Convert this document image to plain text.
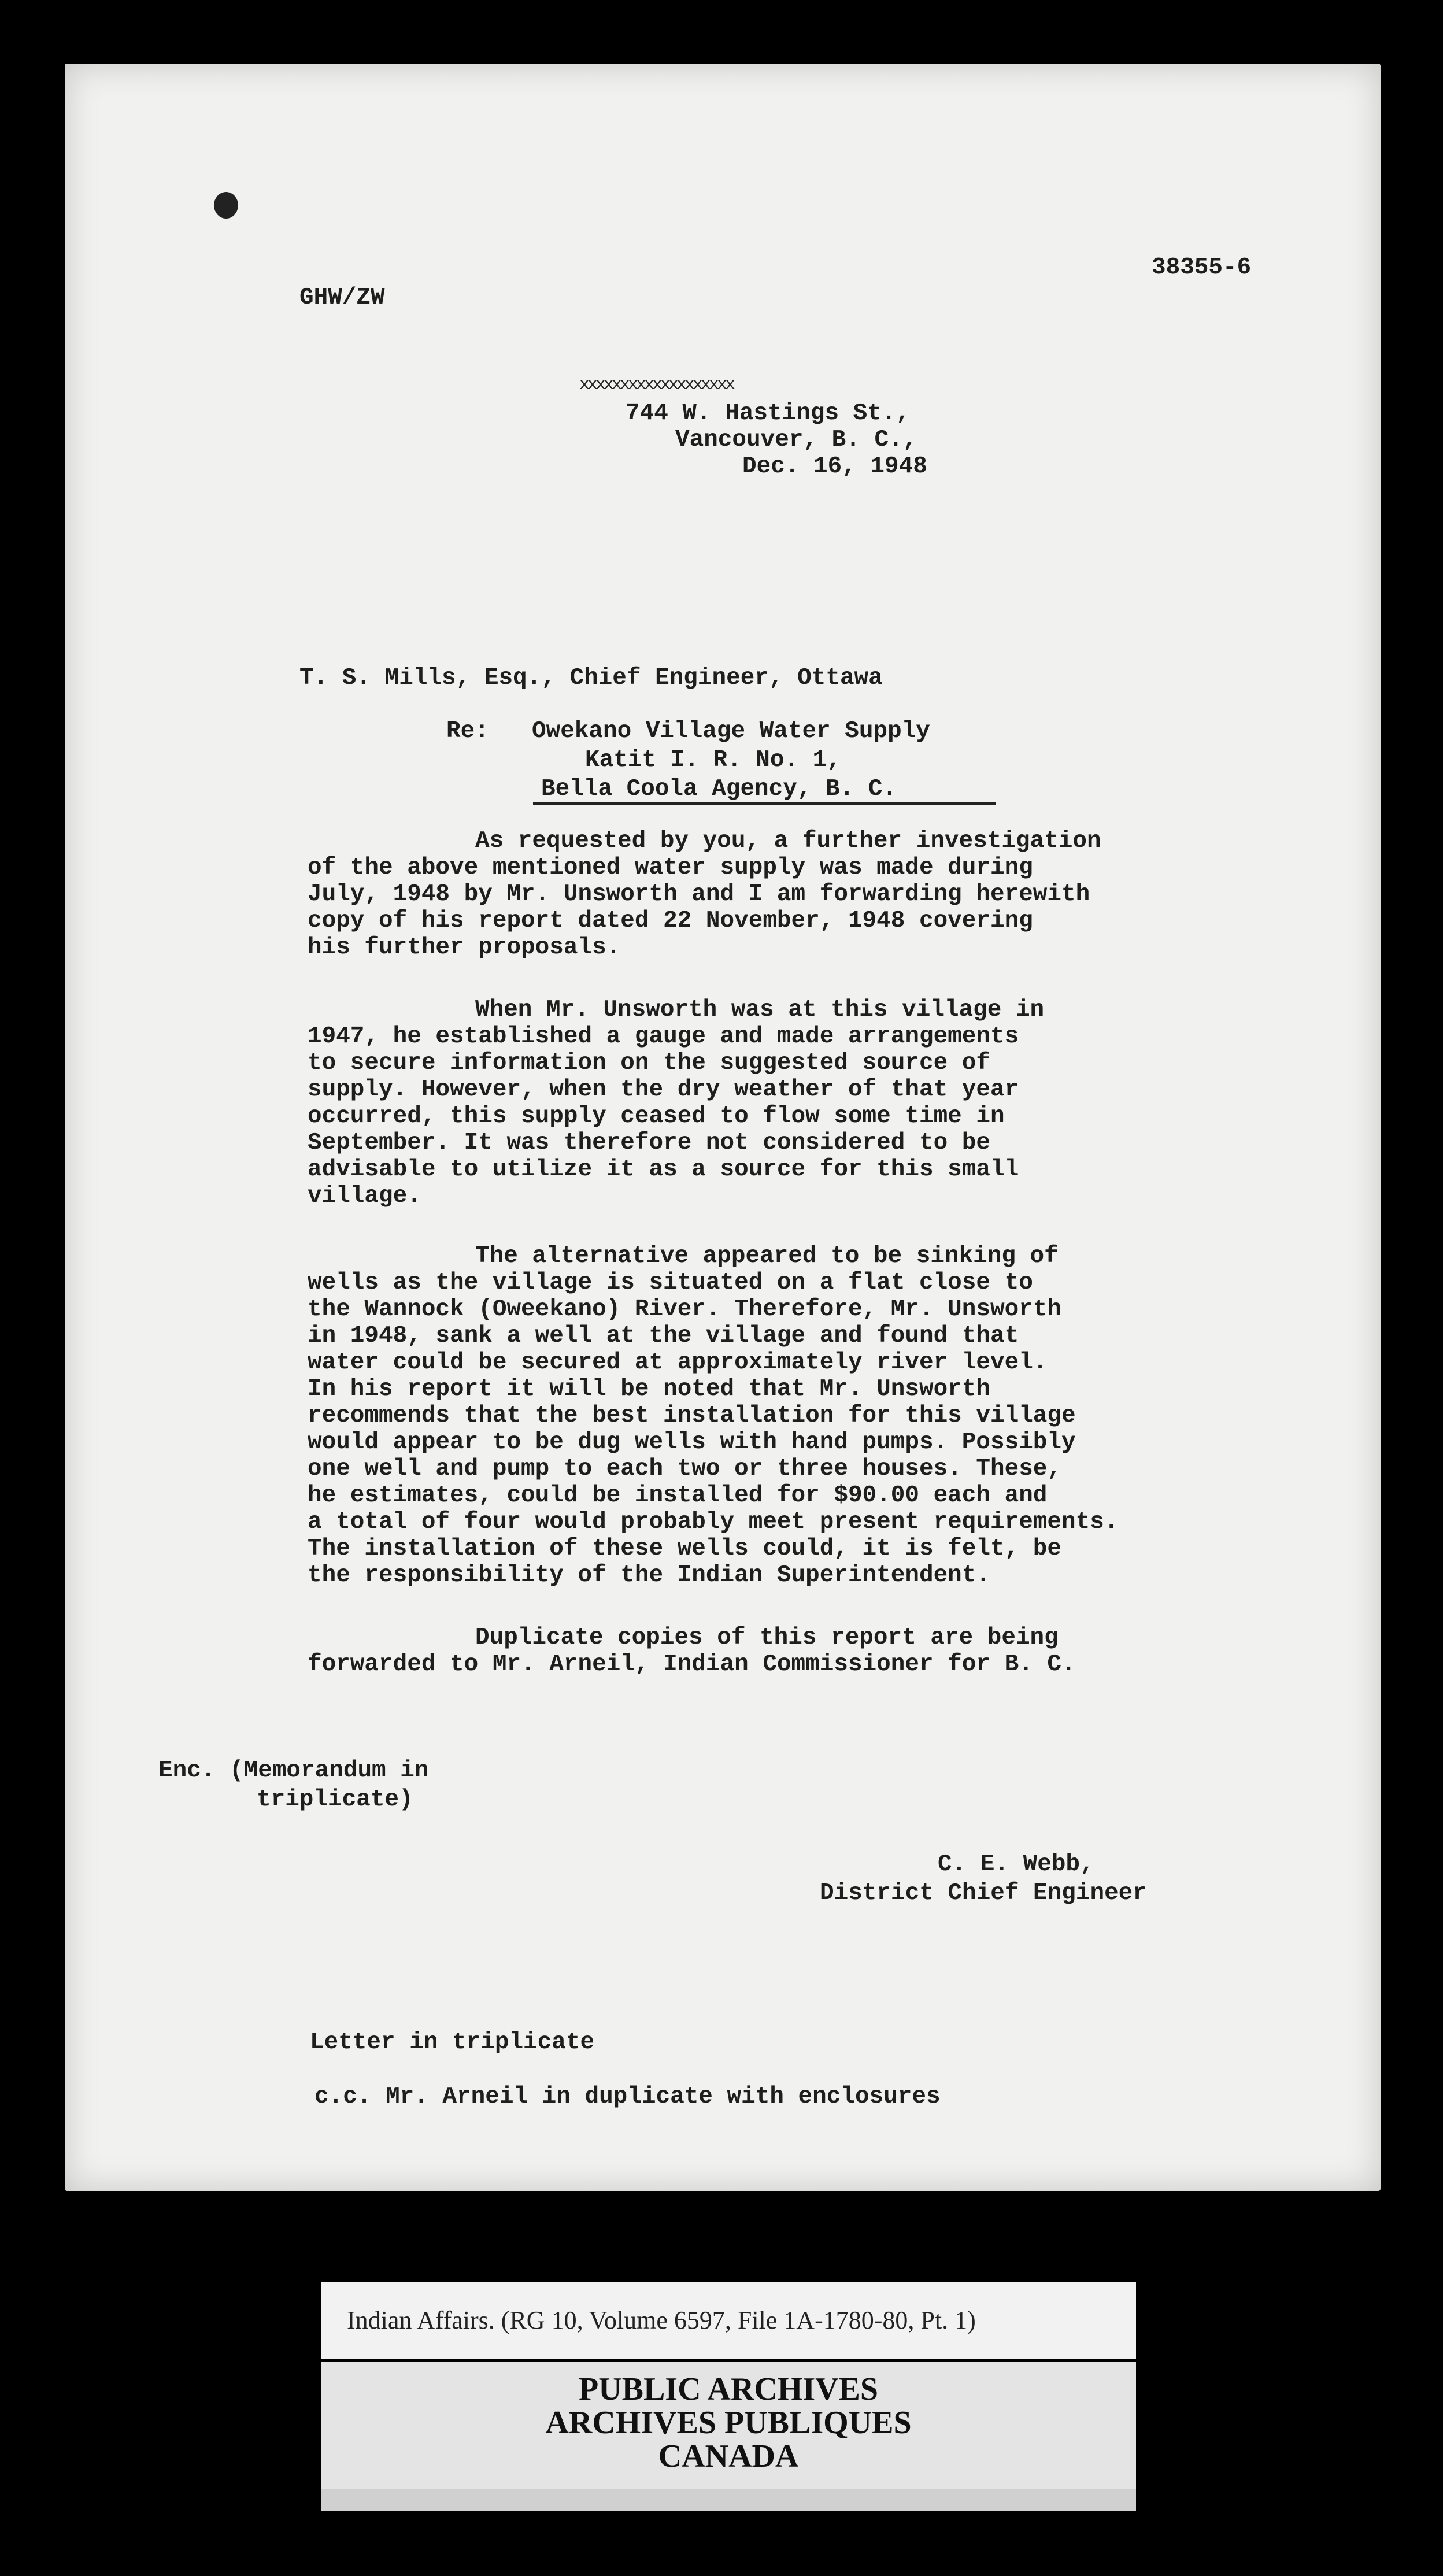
GHW/ZW

38355-6

xxxxxxxxxxxxxxxxxxx

744 W. Hastings St.,

Vancouver, B. C.,

Dec. 16, 1948

T. S. Mills, Esq., Chief Engineer, Ottawa

Re: Owekano Village Water Supply

Katit I. R. No. 1,

Bella Coola Agency, B. C.

As requested by you, a further investigation
of the above mentioned water supply was made during
July, 1948 by Mr. Unsworth and I am forwarding herewith
copy of his report dated 22 November, 1948 covering
his further proposals.
When Mr. Unsworth was at this village in
1947, he established a gauge and made arrangements
to secure information on the suggested source of
supply. However, when the dry weather of that year
occurred, this supply ceased to flow some time in
September. It was therefore not considered to be
advisable to utilize it as a source for this small
village.
The alternative appeared to be sinking of
wells as the village is situated on a flat close to
the Wannock (Oweekano) River. Therefore, Mr. Unsworth
in 1948, sank a well at the village and found that
water could be secured at approximately river level.
In his report it will be noted that Mr. Unsworth
recommends that the best installation for this village
would appear to be dug wells with hand pumps. Possibly
one well and pump to each two or three houses. These,
he estimates, could be installed for $90.00 each and
a total of four would probably meet present requirements.
The installation of these wells could, it is felt, be
the responsibility of the Indian Superintendent.
Duplicate copies of this report are being
forwarded to Mr. Arneil, Indian Commissioner for B. C.

Enc. (Memorandum in

triplicate)

C. E. Webb,

District Chief Engineer

Letter in triplicate

c.c. Mr. Arneil in duplicate with enclosures

Indian Affairs. (RG 10, Volume 6597, File 1A-1780-80, Pt. 1)
PUBLIC ARCHIVES
ARCHIVES PUBLIQUES
CANADA
